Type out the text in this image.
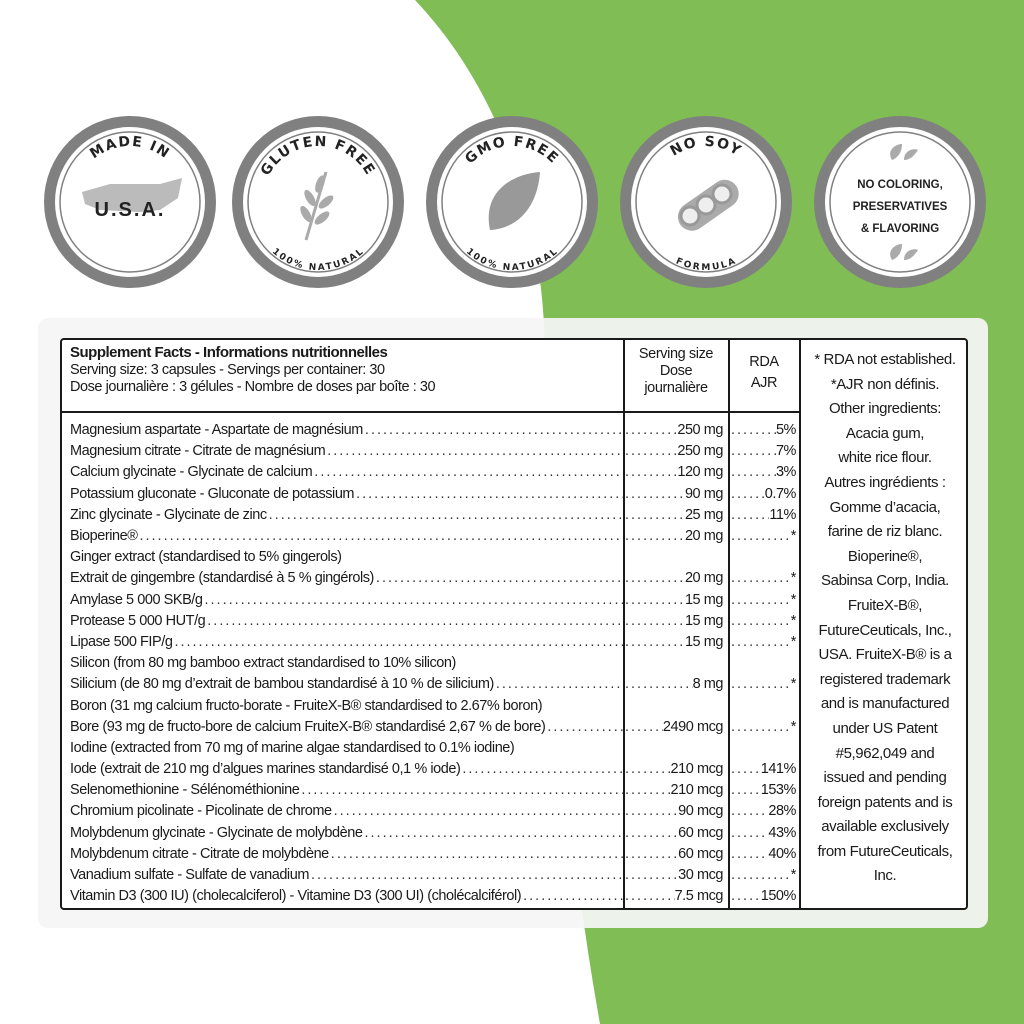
MADE IN
U.S.A.
GLUTEN FREE
100% NATURAL
GMO FREE
100% NATURAL
NO SOY
FORMULA
NO COLORING,
PRESERVATIVES
& FLAVORING
Supplement Facts - Informations nutritionnelles
Serving size: 3 capsules - Servings per container: 30
Dose journalière : 3 gélules - Nombre de doses par boîte : 30
Serving size
Dose
journalière
RDA
AJR
Magnesium aspartate - Aspartate de magnésium ..... .....	250 mg .....	5%
Magnesium citrate - Citrate de magnésium ..... .....	250 mg .....	7%
Calcium glycinate - Glycinate de calcium ..... .....	120 mg .....	3%
Potassium gluconate - Gluconate de potassium ..... .....	90 mg .....	0.7%
Zinc glycinate - Glycinate de zinc ..... .....	25 mg .....	11%
Bioperine® ..... .....	20 mg .....	*
Ginger extract (standardised to 5% gingerols)
Extrait de gingembre (standardisé à 5 % gingérols) ..... .....	20 mg .....	*
Amylase 5 000 SKB/g ..... .....	15 mg .....	*
Protease 5 000 HUT/g ..... .....	15 mg .....	*
Lipase 500 FIP/g ..... .....	15 mg .....	*
Silicon (from 80 mg bamboo extract standardised to 10% silicon)
Silicium (de 80 mg d’extrait de bambou standardisé à 10 % de silicium) ..... .....	8 mg .....	*
Boron (31 mg calcium fructo-borate - FruiteX-B® standardised to 2.67% boron)
Bore (93 mg de fructo-bore de calcium FruiteX-B® standardisé 2,67 % de bore) ..... .....	2490 mcg .....	*
Iodine (extracted from 70 mg of marine algae standardised to 0.1% iodine)
Iode (extrait de 210 mg d’algues marines standardisé 0,1 % iode) ..... .....	210 mcg .....	141%
Selenomethionine - Sélénométhionine ..... .....	210 mcg .....	153%
Chromium picolinate - Picolinate de chrome ..... .....	90 mcg .....	28%
Molybdenum glycinate - Glycinate de molybdène ..... .....	60 mcg .....	43%
Molybdenum citrate - Citrate de molybdène ..... .....	60 mcg .....	40%
Vanadium sulfate - Sulfate de vanadium ..... .....	30 mcg .....	*
Vitamin D3 (300 IU) (cholecalciferol) - Vitamine D3 (300 UI) (cholécalciférol) ..... .....	7.5 mcg .....	150%
* RDA not established.
*AJR non définis.
Other ingredients:
Acacia gum,
white rice flour.
Autres ingrédients :
Gomme d’acacia,
farine de riz blanc.
Bioperine®,
Sabinsa Corp, India.
FruiteX-B®,
FutureCeuticals, Inc.,
USA. FruiteX-B® is a
registered trademark
and is manufactured
under US Patent
#5,962,049 and
issued and pending
foreign patents and is
available exclusively
from FutureCeuticals,
Inc.
